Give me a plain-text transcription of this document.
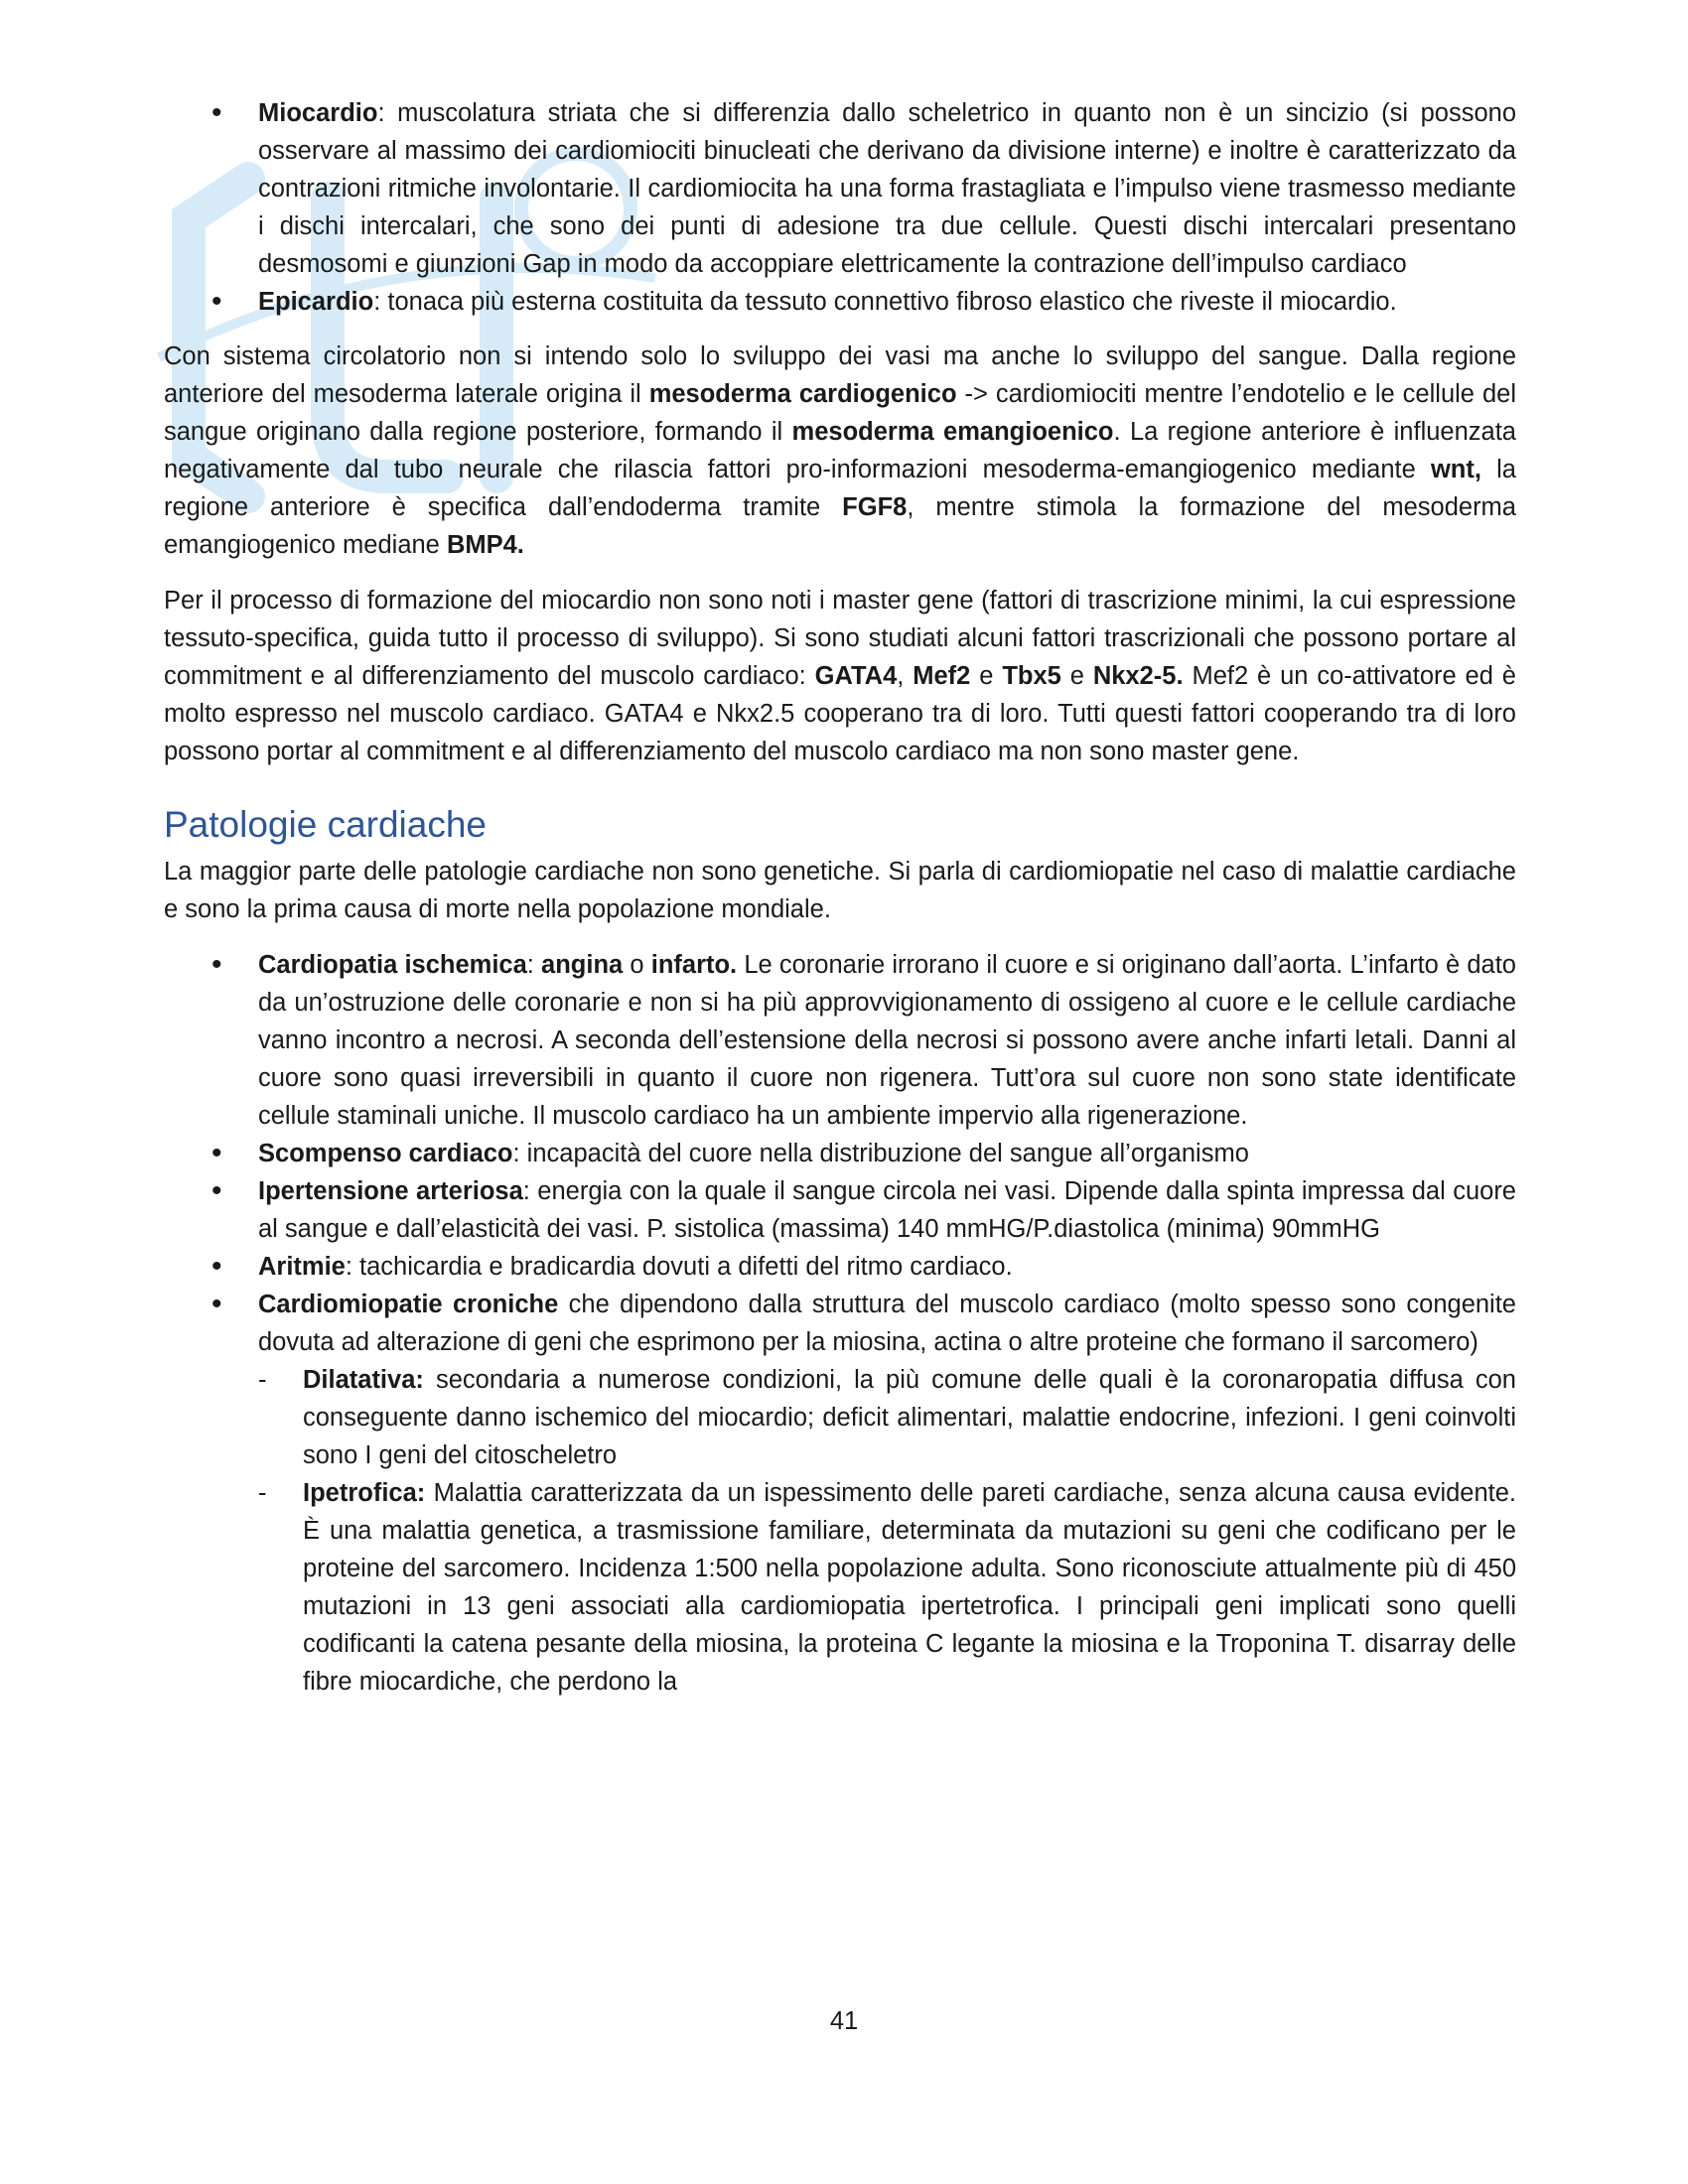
• Miocardio: muscolatura striata che si differenzia dallo scheletrico in quanto non è un sincizio (si possono osservare al massimo dei cardiomiociti binucleati che derivano da divisione interne) e inoltre è caratterizzato da contrazioni ritmiche involontarie. Il cardiomiocita ha una forma frastagliata e l’impulso viene trasmesso mediante i dischi intercalari, che sono dei punti di adesione tra due cellule. Questi dischi intercalari presentano desmosomi e giunzioni Gap in modo da accoppiare elettricamente la contrazione dell’impulso cardiaco
• Epicardio: tonaca più esterna costituita da tessuto connettivo fibroso elastico che riveste il miocardio.

Con sistema circolatorio non si intendo solo lo sviluppo dei vasi ma anche lo sviluppo del sangue. Dalla regione anteriore del mesoderma laterale origina il mesoderma cardiogenico -> cardiomiociti mentre l’endotelio e le cellule del sangue originano dalla regione posteriore, formando il mesoderma emangioenico. La regione anteriore è influenzata negativamente dal tubo neurale che rilascia fattori pro-informazioni mesoderma-emangiogenico mediante wnt, la regione anteriore è specifica dall’endoderma tramite FGF8, mentre stimola la formazione del mesoderma emangiogenico mediane BMP4.

Per il processo di formazione del miocardio non sono noti i master gene (fattori di trascrizione minimi, la cui espressione tessuto-specifica, guida tutto il processo di sviluppo). Si sono studiati alcuni fattori trascrizionali che possono portare al commitment e al differenziamento del muscolo cardiaco: GATA4, Mef2 e Tbx5 e Nkx2-5. Mef2 è un co-attivatore ed è molto espresso nel muscolo cardiaco. GATA4 e Nkx2.5 cooperano tra di loro. Tutti questi fattori cooperando tra di loro possono portar al commitment e al differenziamento del muscolo cardiaco ma non sono master gene.

Patologie cardiache

La maggior parte delle patologie cardiache non sono genetiche. Si parla di cardiomiopatie nel caso di malattie cardiache e sono la prima causa di morte nella popolazione mondiale.

• Cardiopatia ischemica: angina o infarto. Le coronarie irrorano il cuore e si originano dall’aorta. L’infarto è dato da un’ostruzione delle coronarie e non si ha più approvvigionamento di ossigeno al cuore e le cellule cardiache vanno incontro a necrosi. A seconda dell’estensione della necrosi si possono avere anche infarti letali. Danni al cuore sono quasi irreversibili in quanto il cuore non rigenera. Tutt’ora sul cuore non sono state identificate cellule staminali uniche. Il muscolo cardiaco ha un ambiente impervio alla rigenerazione.
• Scompenso cardiaco: incapacità del cuore nella distribuzione del sangue all’organismo
• Ipertensione arteriosa: energia con la quale il sangue circola nei vasi. Dipende dalla spinta impressa dal cuore al sangue e dall’elasticità dei vasi. P. sistolica (massima) 140 mmHG/P.diastolica (minima) 90mmHG
• Aritmie: tachicardia e bradicardia dovuti a difetti del ritmo cardiaco.
• Cardiomiopatie croniche che dipendono dalla struttura del muscolo cardiaco (molto spesso sono congenite dovuta ad alterazione di geni che esprimono per la miosina, actina o altre proteine che formano il sarcomero)
- Dilatativa: secondaria a numerose condizioni, la più comune delle quali è la coronaropatia diffusa con conseguente danno ischemico del miocardio; deficit alimentari, malattie endocrine, infezioni. I geni coinvolti sono I geni del citoscheletro
- Ipetrofica: Malattia caratterizzata da un ispessimento delle pareti cardiache, senza alcuna causa evidente. È una malattia genetica, a trasmissione familiare, determinata da mutazioni su geni che codificano per le proteine del sarcomero. Incidenza 1:500 nella popolazione adulta. Sono riconosciute attualmente più di 450 mutazioni in 13 geni associati alla cardiomiopatia ipertetrofica. I principali geni implicati sono quelli codificanti la catena pesante della miosina, la proteina C legante la miosina e la Troponina T. disarray delle fibre miocardiche, che perdono la
41
